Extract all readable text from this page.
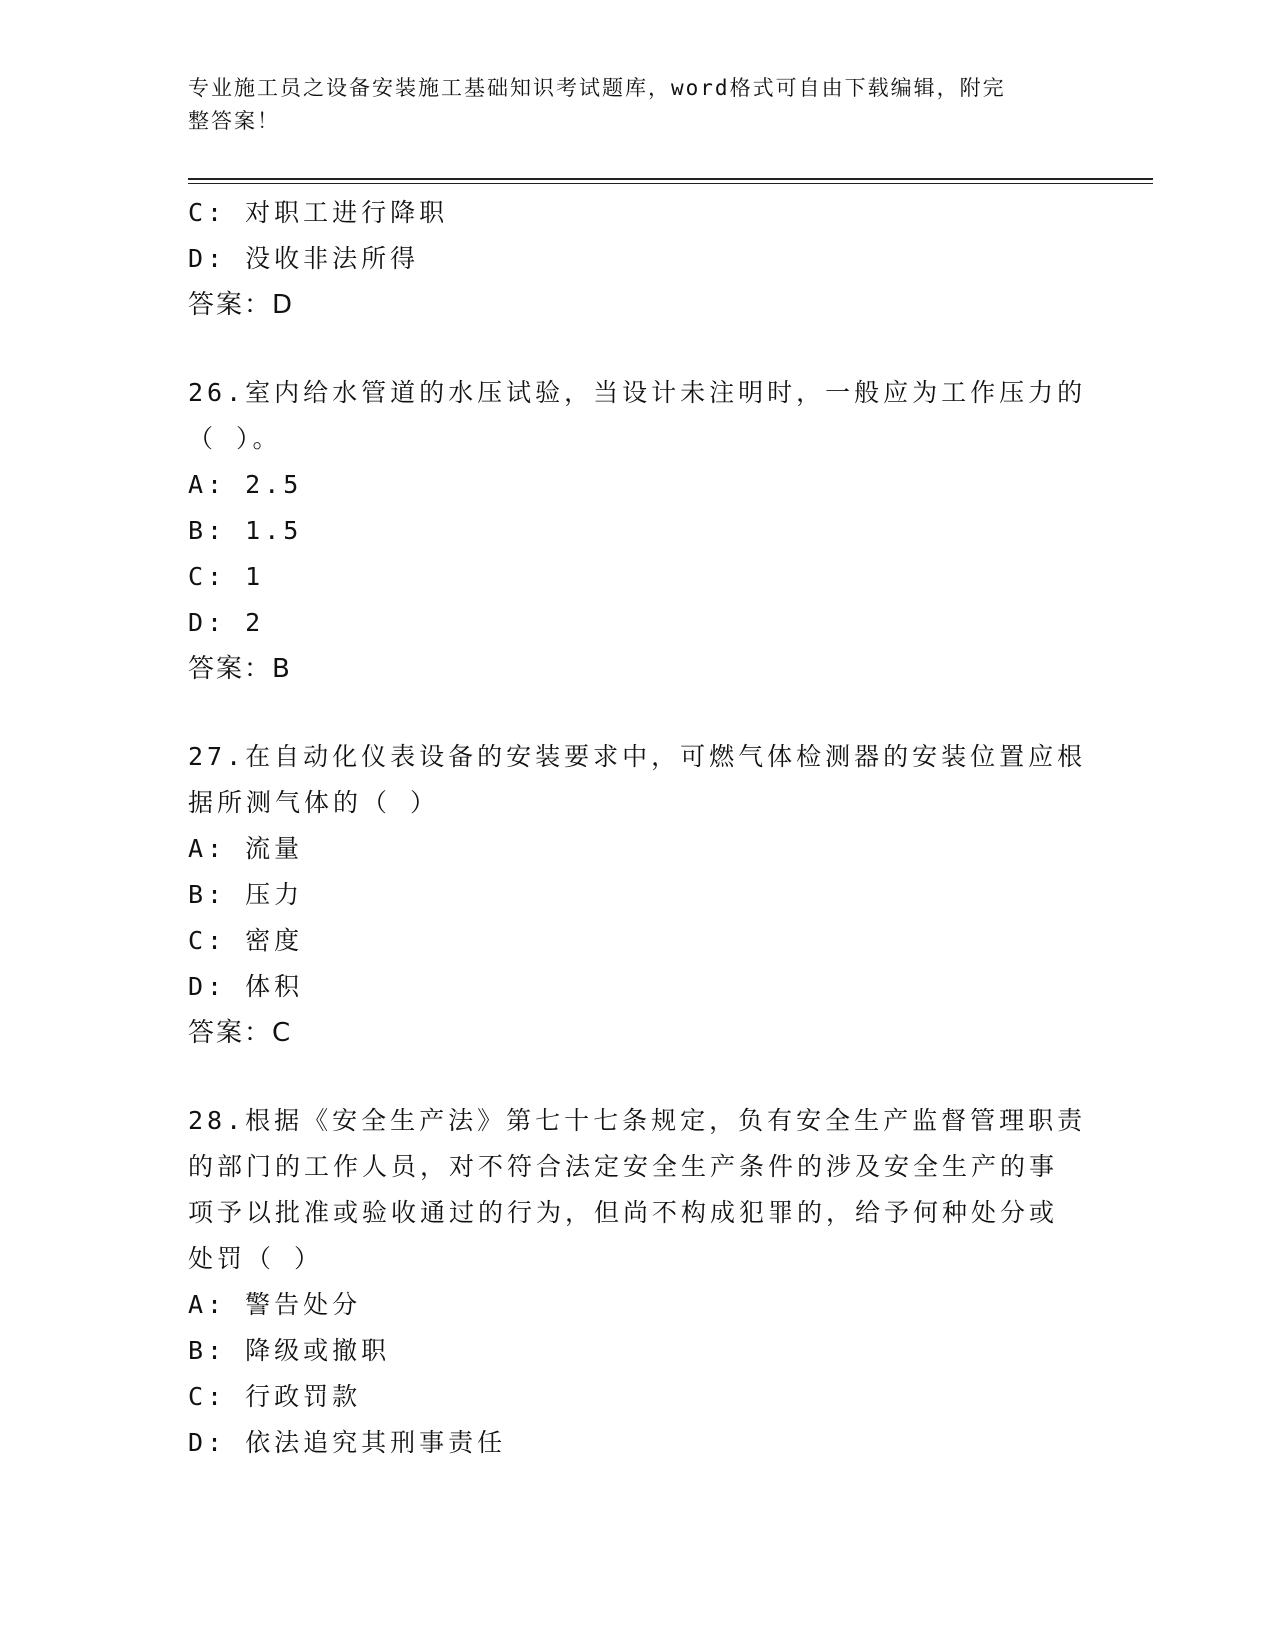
专业施工员之设备安装施工基础知识考试题库，word格式可自由下载编辑，附完
整答案！
C: 对职工进行降职
D: 没收非法所得
答案：D
26.室内给水管道的水压试验，当设计未注明时，一般应为工作压力的
（ ）。
A: 2.5
B: 1.5
C: 1
D: 2
答案：B
27.在自动化仪表设备的安装要求中，可燃气体检测器的安装位置应根
据所测气体的（ ）
A: 流量
B: 压力
C: 密度
D: 体积
答案：C
28.根据《安全生产法》第七十七条规定，负有安全生产监督管理职责
的部门的工作人员，对不符合法定安全生产条件的涉及安全生产的事
项予以批准或验收通过的行为，但尚不构成犯罪的，给予何种处分或
处罚（ ）
A: 警告处分
B: 降级或撤职
C: 行政罚款
D: 依法追究其刑事责任
